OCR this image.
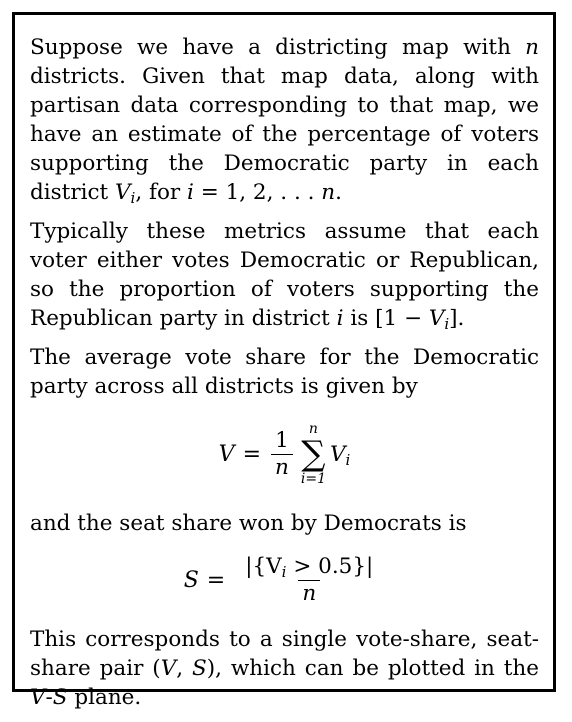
Suppose we have a districting map with n districts. Given that map data, along with partisan data corresponding to that map, we have an estimate of the percentage of voters supporting the Democratic party in each district $V_i$, for i = 1, 2, . . . n.

Typically these metrics assume that each voter either votes Democratic or Republican, so the proportion of voters supporting the Republican party in district i is $[1 - V_i]$.

The average vote share for the Democratic party across all districts is given by

$V = \frac{1}{n}$ n
∑
i=1
$V_i$

and the seat share won by Democrats is

$S = \frac{|\{V_i > 0.5\}|}{n}$

This corresponds to a single vote-share, seat-share pair (V, S), which can be plotted in the V-S plane.
